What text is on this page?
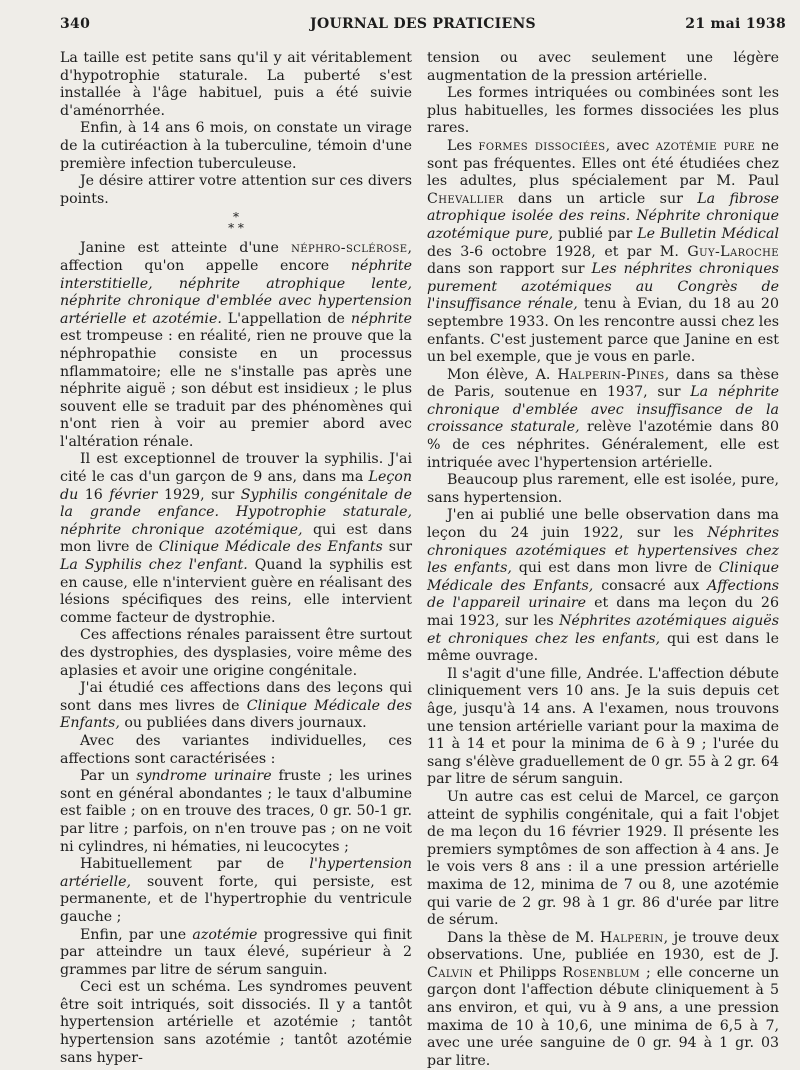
340	JOURNAL DES PRATICIENS	21 mai 1938

La taille est petite sans qu'il y ait véritablement d'hypotrophie staturale. La puberté s'est installée à l'âge habituel, puis a été suivie d'aménorrhée.

Enfin, à 14 ans 6 mois, on constate un virage de la cutiréaction à la tuberculine, témoin d'une première infection tuberculeuse.

Je désire attirer votre attention sur ces divers points.

*
* *

Janine est atteinte d'une néphro-sclérose, affection qu'on appelle encore néphrite interstitielle, néphrite atrophique lente, néphrite chronique d'emblée avec hypertension artérielle et azotémie. L'appellation de néphrite est trompeuse : en réalité, rien ne prouve que la néphropathie consiste en un processus nflammatoire; elle ne s'installe pas après une néphrite aiguë ; son début est insidieux ; le plus souvent elle se traduit par des phénomènes qui n'ont rien à voir au premier abord avec l'altération rénale.

Il est exceptionnel de trouver la syphilis. J'ai cité le cas d'un garçon de 9 ans, dans ma Leçon du 16 février 1929, sur Syphilis congénitale de la grande enfance. Hypotrophie staturale, néphrite chronique azotémique, qui est dans mon livre de Clinique Médicale des Enfants sur La Syphilis chez l'enfant. Quand la syphilis est en cause, elle n'intervient guère en réalisant des lésions spécifiques des reins, elle intervient comme facteur de dystrophie.

Ces affections rénales paraissent être surtout des dystrophies, des dysplasies, voire même des aplasies et avoir une origine congénitale.

J'ai étudié ces affections dans des leçons qui sont dans mes livres de Clinique Médicale des Enfants, ou publiées dans divers journaux.

Avec des variantes individuelles, ces affections sont caractérisées :

Par un syndrome urinaire fruste ; les urines sont en général abondantes ; le taux d'albumine est faible ; on en trouve des traces, 0 gr. 50-1 gr. par litre ; parfois, on n'en trouve pas ; on ne voit ni cylindres, ni hématies, ni leucocytes ;

Habituellement par de l'hypertension artérielle, souvent forte, qui persiste, est permanente, et de l'hypertrophie du ventricule gauche ;

Enfin, par une azotémie progressive qui finit par atteindre un taux élevé, supérieur à 2 grammes par litre de sérum sanguin.

Ceci est un schéma. Les syndromes peuvent être soit intriqués, soit dissociés. Il y a tantôt hypertension artérielle et azotémie ; tantôt hypertension sans azotémie ; tantôt azotémie sans hyper-

tension ou avec seulement une légère augmentation de la pression artérielle.

Les formes intriquées ou combinées sont les plus habituelles, les formes dissociées les plus rares.

Les formes dissociées, avec azotémie pure ne sont pas fréquentes. Elles ont été étudiées chez les adultes, plus spécialement par M. Paul Chevallier dans un article sur La fibrose atrophique isolée des reins. Néphrite chronique azotémique pure, publié par Le Bulletin Médical des 3-6 octobre 1928, et par M. Guy-Laroche dans son rapport sur Les néphrites chroniques purement azotémiques au Congrès de l'insuffisance rénale, tenu à Evian, du 18 au 20 septembre 1933. On les rencontre aussi chez les enfants. C'est justement parce que Janine en est un bel exemple, que je vous en parle.

Mon élève, A. Halperin-Pines, dans sa thèse de Paris, soutenue en 1937, sur La néphrite chronique d'emblée avec insuffisance de la croissance staturale, relève l'azotémie dans 80 % de ces néphrites. Généralement, elle est intriquée avec l'hypertension artérielle.

Beaucoup plus rarement, elle est isolée, pure, sans hypertension.

J'en ai publié une belle observation dans ma leçon du 24 juin 1922, sur les Néphrites chroniques azotémiques et hypertensives chez les enfants, qui est dans mon livre de Clinique Médicale des Enfants, consacré aux Affections de l'appareil urinaire et dans ma leçon du 26 mai 1923, sur les Néphrites azotémiques aiguës et chroniques chez les enfants, qui est dans le même ouvrage.

Il s'agit d'une fille, Andrée. L'affection débute cliniquement vers 10 ans. Je la suis depuis cet âge, jusqu'à 14 ans. A l'examen, nous trouvons une tension artérielle variant pour la maxima de 11 à 14 et pour la minima de 6 à 9 ; l'urée du sang s'élève graduellement de 0 gr. 55 à 2 gr. 64 par litre de sérum sanguin.

Un autre cas est celui de Marcel, ce garçon atteint de syphilis congénitale, qui a fait l'objet de ma leçon du 16 février 1929. Il présente les premiers symptômes de son affection à 4 ans. Je le vois vers 8 ans : il a une pression artérielle maxima de 12, minima de 7 ou 8, une azotémie qui varie de 2 gr. 98 à 1 gr. 86 d'urée par litre de sérum.

Dans la thèse de M. Halperin, je trouve deux observations. Une, publiée en 1930, est de J. Calvin et Philipps Rosenblum ; elle concerne un garçon dont l'affection débute cliniquement à 5 ans environ, et qui, vu à 9 ans, a une pression maxima de 10 à 10,6, une minima de 6,5 à 7, avec une urée sanguine de 0 gr. 94 à 1 gr. 03 par litre.
